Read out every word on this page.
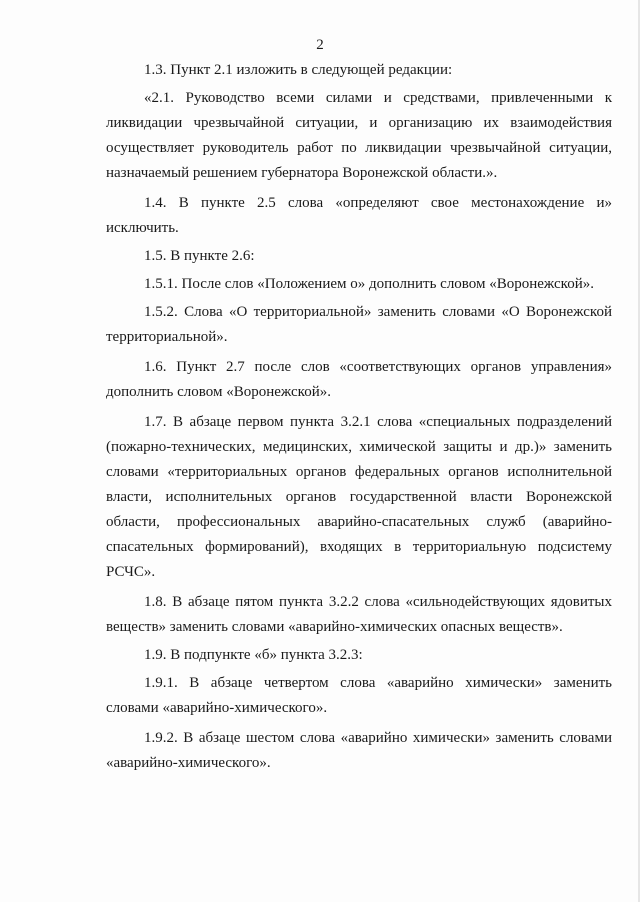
2

1.3. Пункт 2.1 изложить в следующей редакции:

«2.1. Руководство всеми силами и средствами, привлеченными к ликвидации чрезвычайной ситуации, и организацию их взаимодействия осуществляет руководитель работ по ликвидации чрезвычайной ситуации, назначаемый решением губернатора Воронежской области.».

1.4. В пункте 2.5 слова «определяют свое местонахождение и» исключить.

1.5. В пункте 2.6:

1.5.1. После слов «Положением о» дополнить словом «Воронежской».

1.5.2. Слова «О территориальной» заменить словами «О Воронежской территориальной».

1.6. Пункт 2.7 после слов «соответствующих органов управления» дополнить словом «Воронежской».

1.7. В абзаце первом пункта 3.2.1 слова «специальных подразделений (пожарно-технических, медицинских, химической защиты и др.)» заменить словами «территориальных органов федеральных органов исполнительной власти, исполнительных органов государственной власти Воронежской области, профессиональных аварийно-спасательных служб (аварийно-спасательных формирований), входящих в территориальную подсистему РСЧС».

1.8. В абзаце пятом пункта 3.2.2 слова «сильнодействующих ядовитых веществ» заменить словами «аварийно-химических опасных веществ».

1.9. В подпункте «б» пункта 3.2.3:

1.9.1. В абзаце четвертом слова «аварийно химически» заменить словами «аварийно-химического».

1.9.2. В абзаце шестом слова «аварийно химически» заменить словами «аварийно-химического».
